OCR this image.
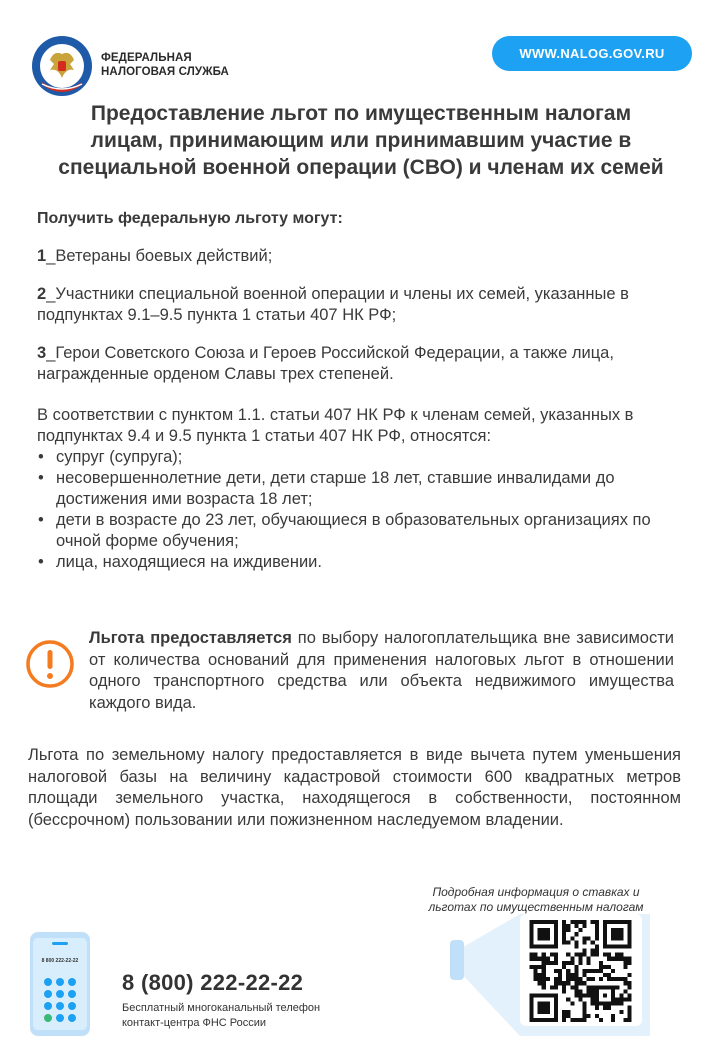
ФЕДЕРАЛЬНАЯ
НАЛОГОВАЯ СЛУЖБА
WWW.NALOG.GOV.RU
Предоставление льгот по имущественным налогам
лицам, принимающим или принимавшим участие в
специальной военной операции (СВО) и членам их семей
Получить федеральную льготу могут:
1_Ветераны боевых действий;
2_Участники специальной военной операции и члены их семей, указанные в подпунктах 9.1–9.5 пункта 1 статьи 407 НК РФ;
3_Герои Советского Союза и Героев Российской Федерации, а также лица, награжденные орденом Славы трех степеней.
В соответствии с пунктом 1.1. статьи 407 НК РФ к членам семей, указанных в подпунктах 9.4 и 9.5 пункта 1 статьи 407 НК РФ, относятся:
• супруг (супруга);
• несовершеннолетние дети, дети старше 18 лет, ставшие инвалидами до достижения ими возраста 18 лет;
• дети в возрасте до 23 лет, обучающиеся в образовательных организациях по очной форме обучения;
• лица, находящиеся на иждивении.
Льгота предоставляется по выбору налогоплательщика вне зависимости от количества оснований для применения налоговых льгот в отношении одного транспортного средства или объекта недвижимого имущества каждого вида.
Льгота по земельному налогу предоставляется в виде вычета путем уменьшения налоговой базы на величину кадастровой стоимости 600 квадратных метров площади земельного участка, находящегося в собственности, постоянном (бессрочном) пользовании или пожизненном наследуемом владении.
Подробная информация о ставках и
льготах по имущественным налогам
8 800 222-22-22
8 (800) 222-22-22
Бесплатный многоканальный телефон
контакт-центра ФНС России
